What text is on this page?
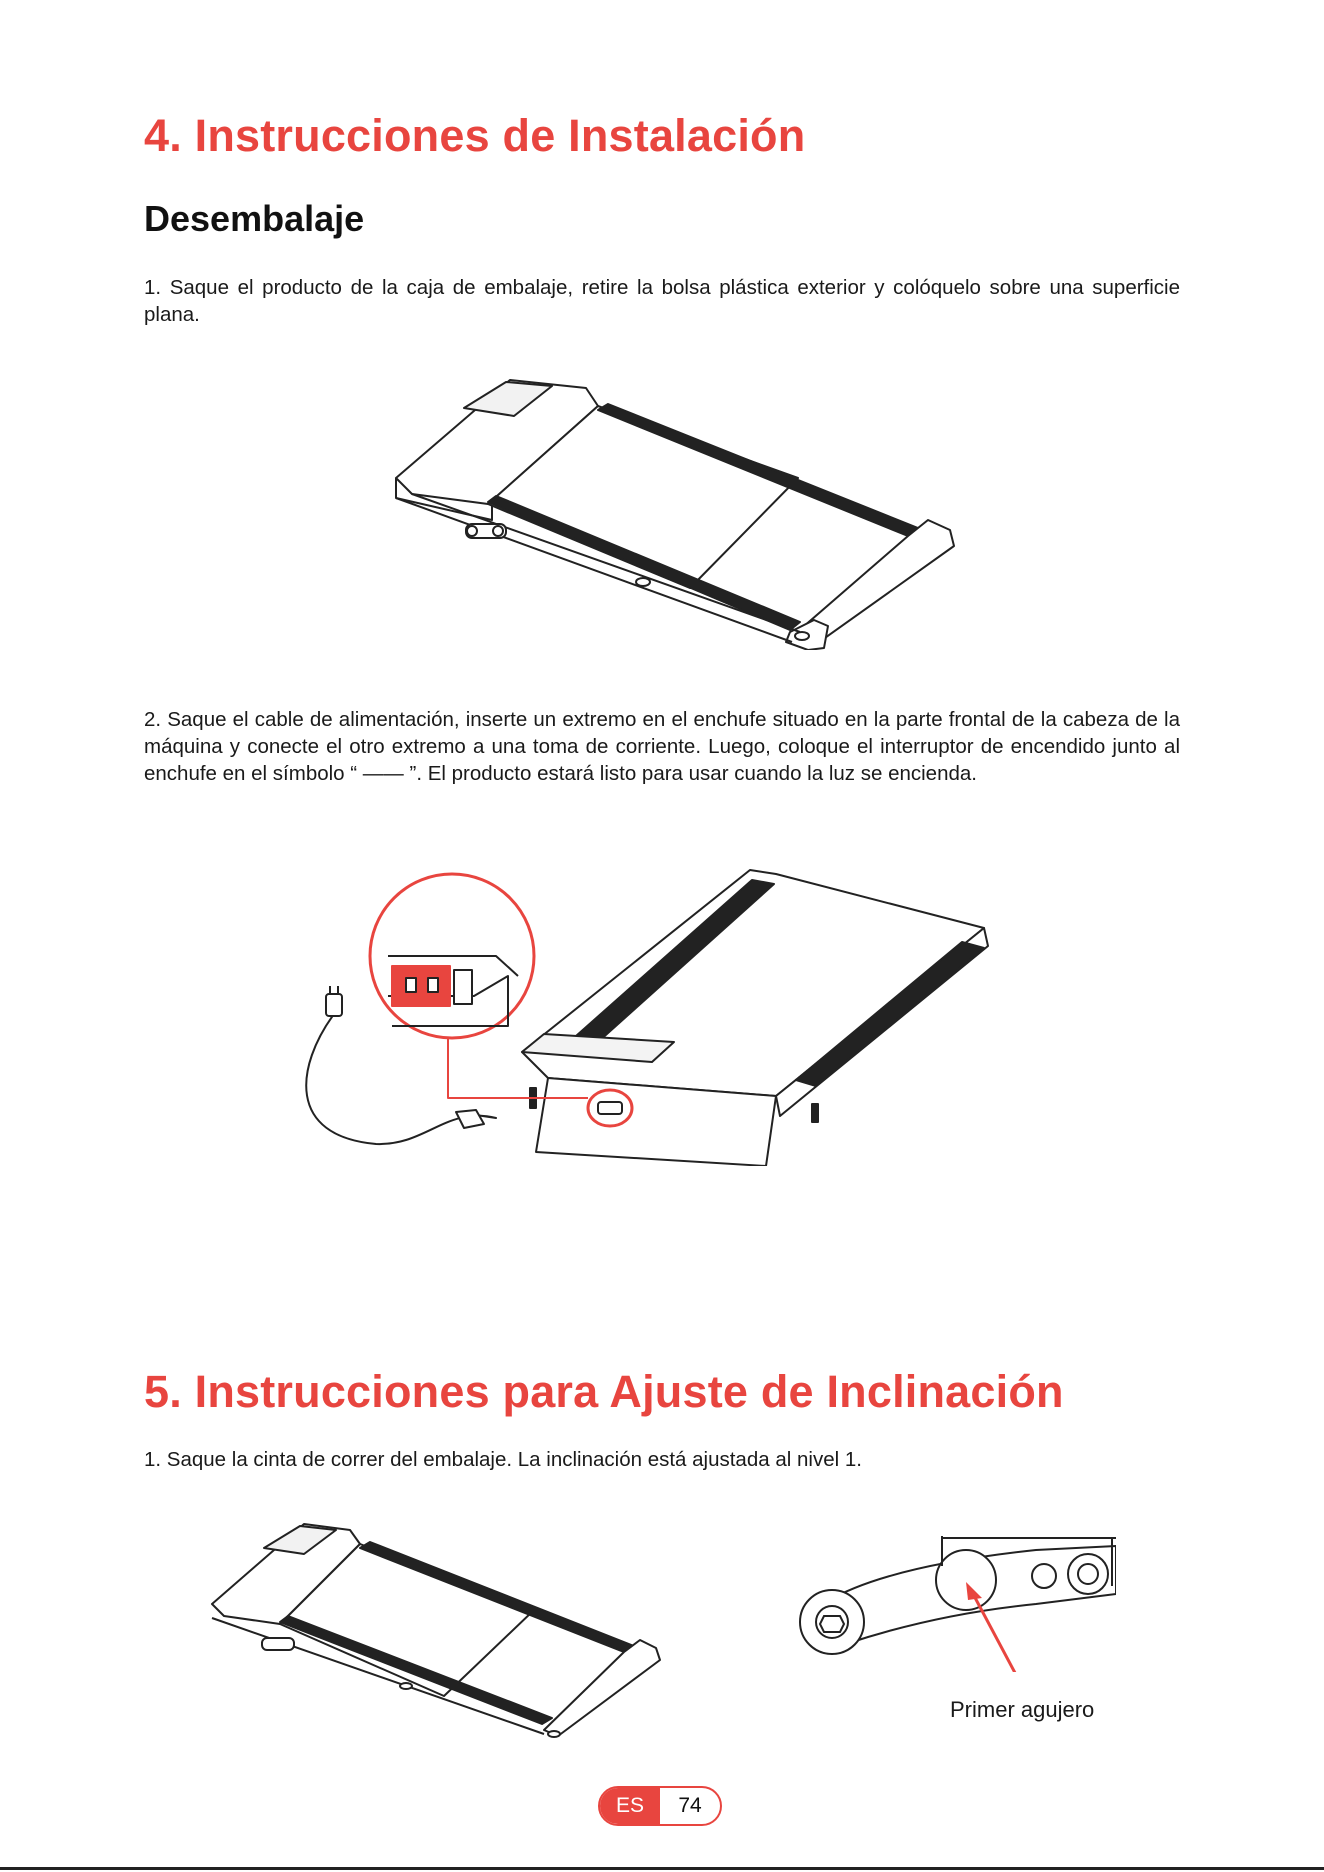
4. Instrucciones de Instalación
Desembalaje

1. Saque el producto de la caja de embalaje, retire la bolsa plástica exterior y colóquelo sobre una superficie plana.

2. Saque el cable de alimentación, inserte un extremo en el enchufe situado en la parte frontal de la cabeza de la máquina y conecte el otro extremo a una toma de corriente. Luego, coloque el interruptor de encendido junto al enchufe en el símbolo “ —— ”. El producto estará listo para usar cuando la luz se encienda.

5. Instrucciones para Ajuste de Inclinación

1. Saque la cinta de correr del embalaje. La inclinación está ajustada al nivel 1.

Primer agujero
ES	74
